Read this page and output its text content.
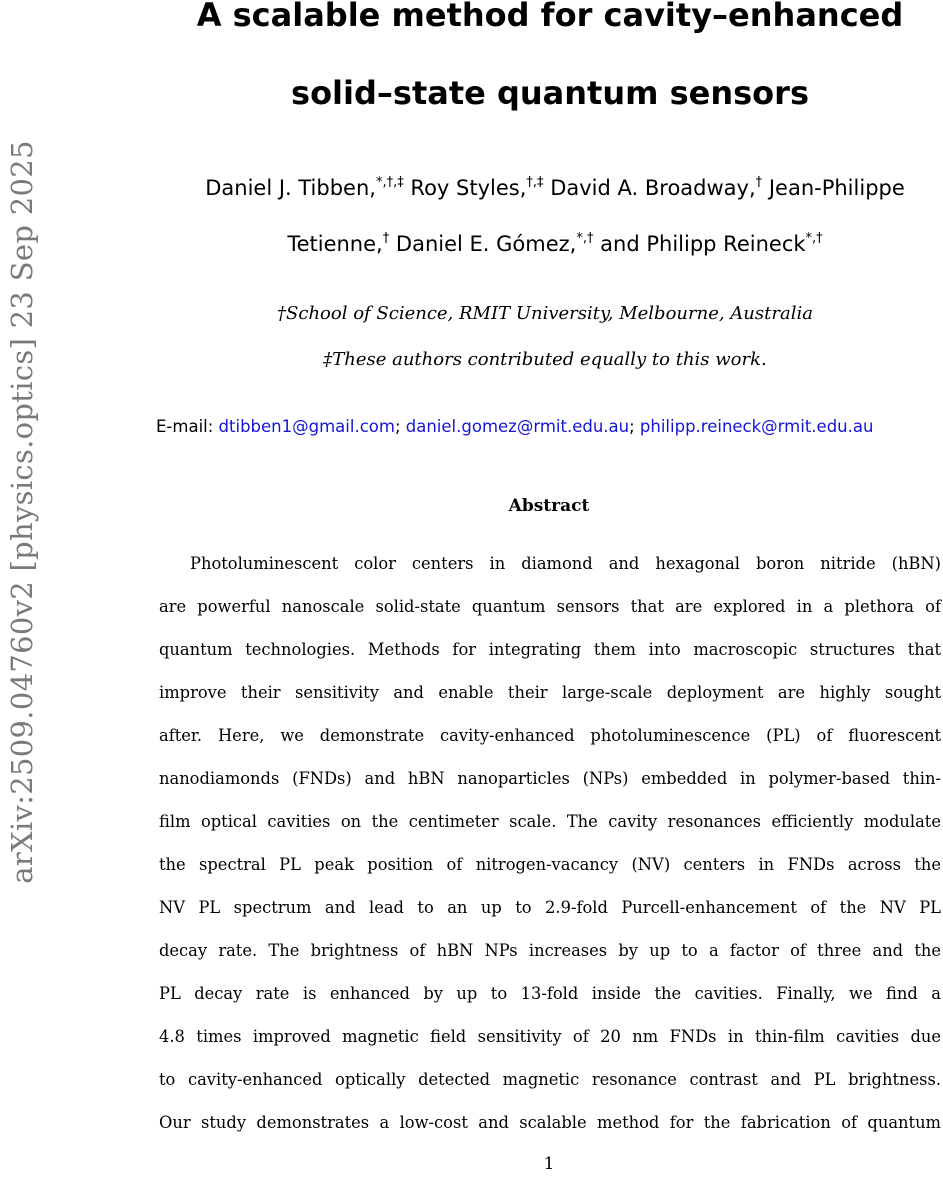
arXiv:2509.04760v2 [physics.optics] 23 Sep 2025
A scalable method for cavity–enhanced
solid–state quantum sensors
Daniel J. Tibben,*,†,‡ Roy Styles,†,‡ David A. Broadway,† Jean-Philippe
Tetienne,† Daniel E. Gómez,*,† and Philipp Reineck*,†
†School of Science, RMIT University, Melbourne, Australia
‡These authors contributed equally to this work.
E-mail: dtibben1@gmail.com; daniel.gomez@rmit.edu.au; philipp.reineck@rmit.edu.au
Abstract
Photoluminescent color centers in diamond and hexagonal boron nitride (hBN)
are powerful nanoscale solid-state quantum sensors that are explored in a plethora of
quantum technologies. Methods for integrating them into macroscopic structures that
improve their sensitivity and enable their large-scale deployment are highly sought
after. Here, we demonstrate cavity-enhanced photoluminescence (PL) of fluorescent
nanodiamonds (FNDs) and hBN nanoparticles (NPs) embedded in polymer-based thin-
film optical cavities on the centimeter scale. The cavity resonances efficiently modulate
the spectral PL peak position of nitrogen-vacancy (NV) centers in FNDs across the
NV PL spectrum and lead to an up to 2.9-fold Purcell-enhancement of the NV PL
decay rate. The brightness of hBN NPs increases by up to a factor of three and the
PL decay rate is enhanced by up to 13-fold inside the cavities. Finally, we find a
4.8 times improved magnetic field sensitivity of 20 nm FNDs in thin-film cavities due
to cavity-enhanced optically detected magnetic resonance contrast and PL brightness.
Our study demonstrates a low-cost and scalable method for the fabrication of quantum
1
